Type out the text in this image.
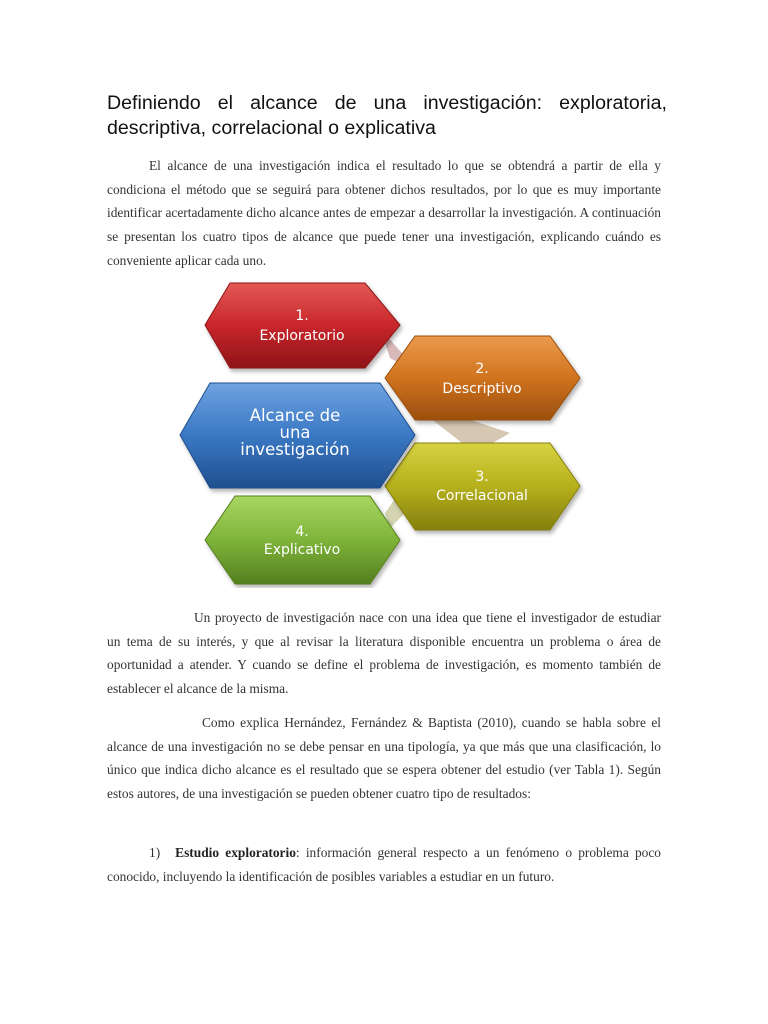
Definiendo el alcance de una investigación: exploratoria, descriptiva, correlacional o explicativa

El alcance de una investigación indica el resultado lo que se obtendrá a partir de ella y condiciona el método que se seguirá para obtener dichos resultados, por lo que es muy importante identificar acertadamente dicho alcance antes de empezar a desarrollar la investigación. A continuación se presentan los cuatro tipos de alcance que puede tener una investigación, explicando cuándo es conveniente aplicar cada uno.

1.
Exploratorio
2.
Descriptivo
3.
Correlacional
4.
Explicativo
Alcance de
una
investigación

Un proyecto de investigación nace con una idea que tiene el investigador de estudiar un tema de su interés, y que al revisar la literatura disponible encuentra un problema o área de oportunidad a atender. Y cuando se define el problema de investigación, es momento también de establecer el alcance de la misma.

Como explica Hernández, Fernández & Baptista (2010), cuando se habla sobre el alcance de una investigación no se debe pensar en una tipología, ya que más que una clasificación, lo único que indica dicho alcance es el resultado que se espera obtener del estudio (ver Tabla 1). Según estos autores, de una investigación se pueden obtener cuatro tipo de resultados:

1) Estudio exploratorio: información general respecto a un fenómeno o problema poco conocido, incluyendo la identificación de posibles variables a estudiar en un futuro.
